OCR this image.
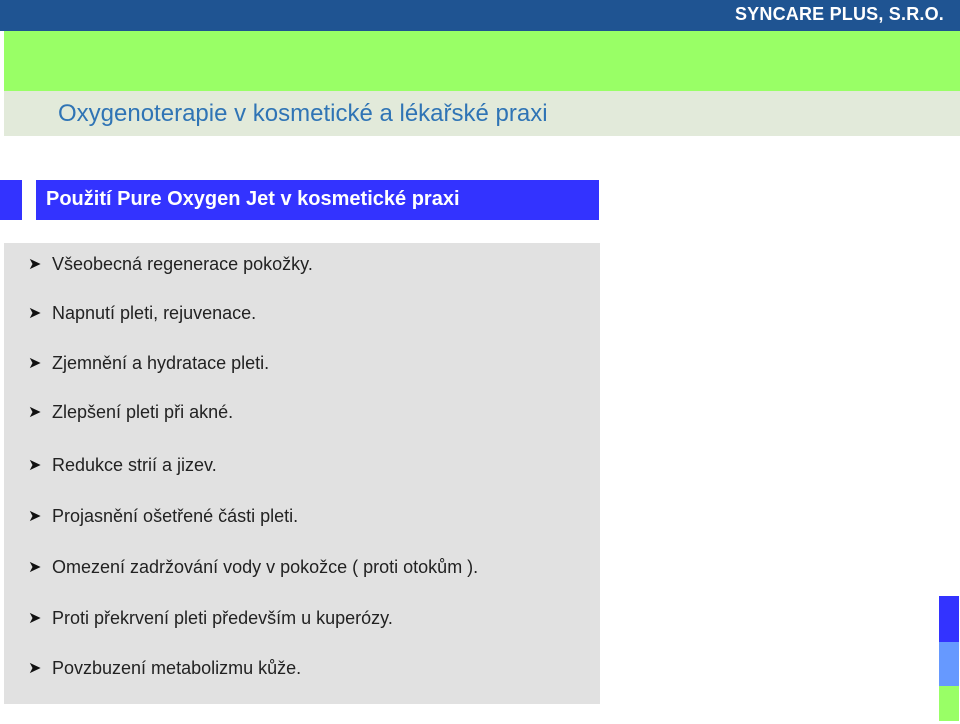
SYNCARE PLUS, S.R.O.
Oxygenoterapie v kosmetické a lékařské praxi
Použití Pure Oxygen Jet v kosmetické praxi
➤ Všeobecná regenerace pokožky.
➤ Napnutí pleti, rejuvenace.
➤ Zjemnění a hydratace pleti.
➤ Zlepšení pleti při akné.
➤ Redukce strií a jizev.
➤ Projasnění ošetřené části pleti.
➤ Omezení zadržování vody v pokožce ( proti otokům ).
➤ Proti překrvení pleti především u kuperózy.
➤ Povzbuzení metabolizmu kůže.
